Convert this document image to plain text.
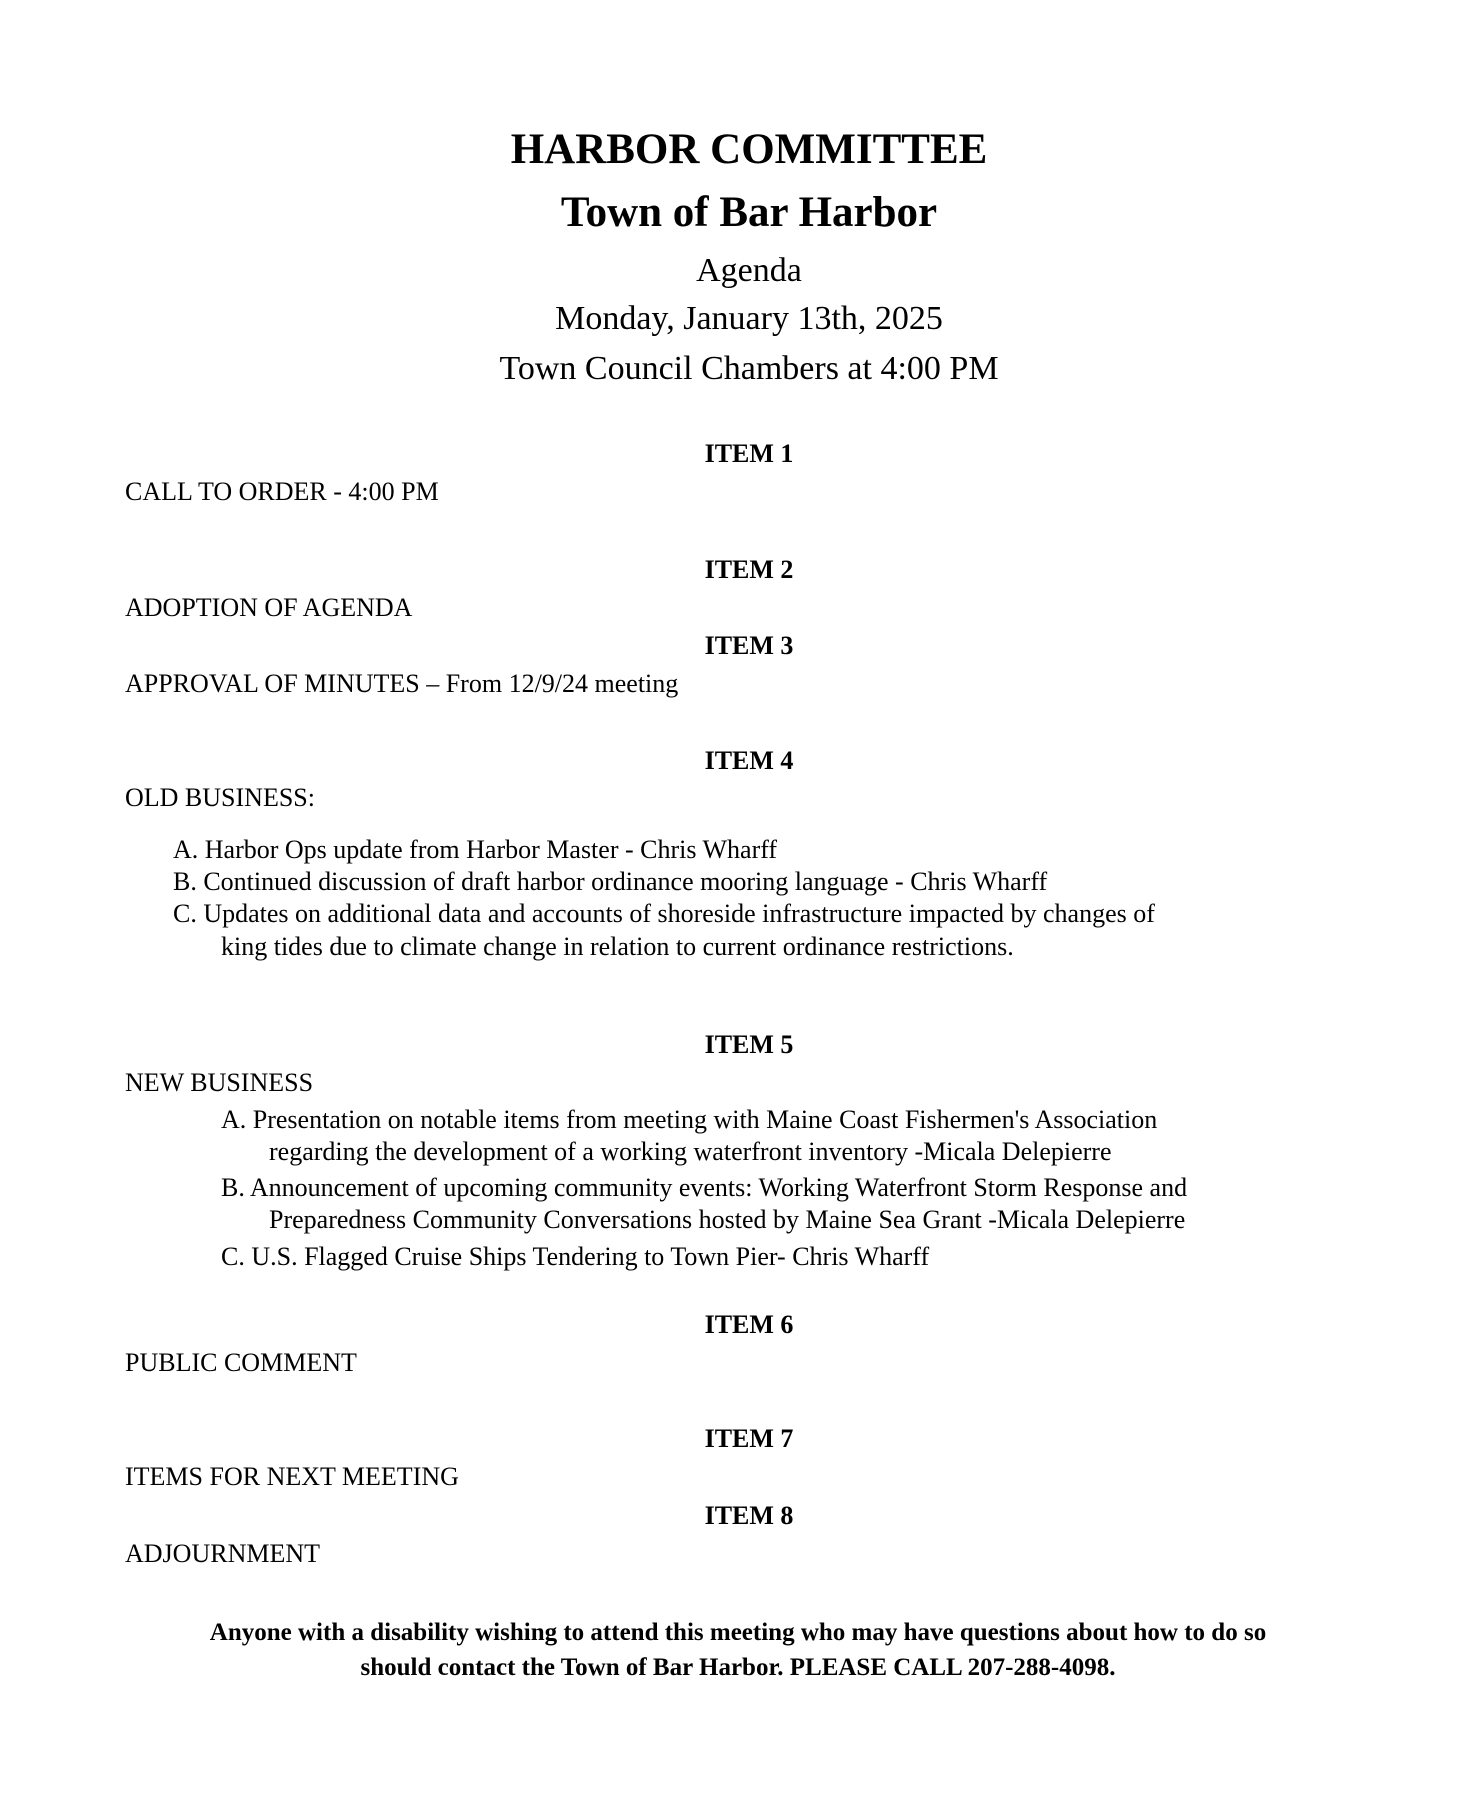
HARBOR COMMITTEE
Town of Bar Harbor
Agenda
Monday, January 13th, 2025
Town Council Chambers at 4:00 PM
ITEM 1
CALL TO ORDER - 4:00 PM
ITEM 2
ADOPTION OF AGENDA
ITEM 3
APPROVAL OF MINUTES – From 12/9/24 meeting
ITEM 4
OLD BUSINESS:
A. Harbor Ops update from Harbor Master - Chris Wharff
B. Continued discussion of draft harbor ordinance mooring language - Chris Wharff
C. Updates on additional data and accounts of shoreside infrastructure impacted by changes of
king tides due to climate change in relation to current ordinance restrictions.
ITEM 5
NEW BUSINESS
A. Presentation on notable items from meeting with Maine Coast Fishermen's Association
regarding the development of a working waterfront inventory -Micala Delepierre
B. Announcement of upcoming community events: Working Waterfront Storm Response and
Preparedness Community Conversations hosted by Maine Sea Grant -Micala Delepierre
C. U.S. Flagged Cruise Ships Tendering to Town Pier- Chris Wharff
ITEM 6
PUBLIC COMMENT
ITEM 7
ITEMS FOR NEXT MEETING
ITEM 8
ADJOURNMENT
Anyone with a disability wishing to attend this meeting who may have questions about how to do so
should contact the Town of Bar Harbor. PLEASE CALL 207-288-4098.
